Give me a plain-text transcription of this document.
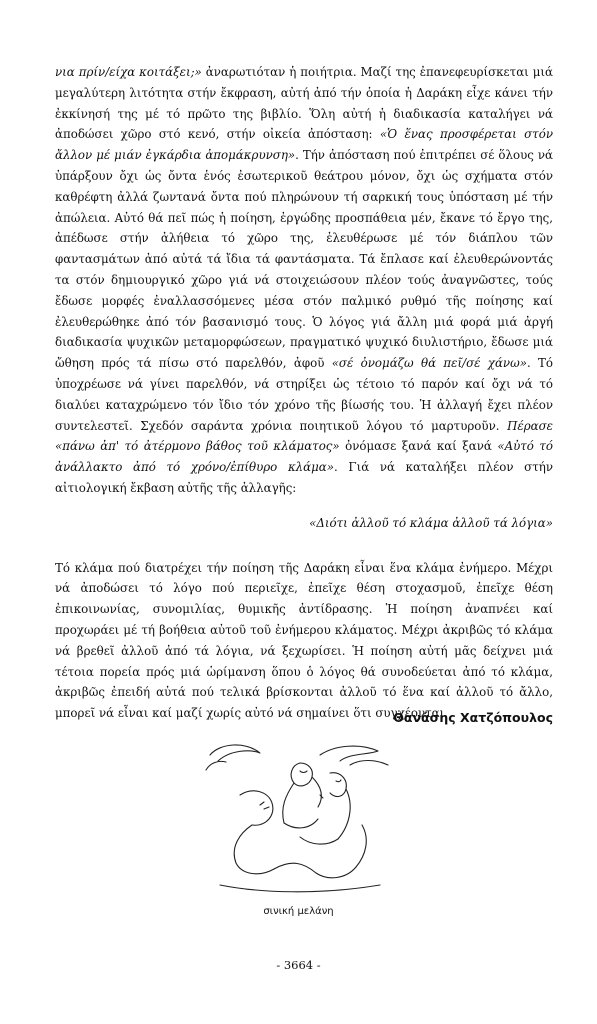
νια πρίν/είχα κοιτάξει;» ἀναρωτιόταν ἡ ποιήτρια. Μαζί της ἐπανεφευρίσκεται μιά μεγαλύτερη λιτότητα στήν ἔκφραση, αὐτή ἀπό τήν ὁποία ἡ Δαράκη εἶχε κάνει τήν ἐκκίνησή της μέ τό πρῶτο της βιβλίο. Ὅλη αὐτή ἡ διαδικασία καταλήγει νά ἀποδώσει χῶρο στό κενό, στήν οἰκεία ἀπόσταση: «Ὁ ἕνας προσφέρεται στόν ἄλλον μέ μιάν ἐγκάρδια ἀπομάκρυνση». Τήν ἀπόσταση πού ἐπιτρέπει σέ ὅλους νά ὑπάρξουν ὄχι ὡς ὄντα ἑνός ἐσωτερικοῦ θεάτρου μόνον, ὄχι ὡς σχήματα στόν καθρέφτη ἀλλά ζωντανά ὄντα πού πληρώνουν τή σαρκική τους ὑπόσταση μέ τήν ἀπώλεια. Αὐτό θά πεῖ πώς ἡ ποίηση, ἐργώδης προσπάθεια μέν, ἔκανε τό ἔργο της, ἀπέδωσε στήν ἀλήθεια τό χῶρο της, ἐλευθέρωσε μέ τόν διάπλου τῶν φαντασμάτων ἀπό αὐτά τά ἴδια τά φαντάσματα. Τά ἔπλασε καί ἐλευθερώνοντάς τα στόν δημιουργικό χῶρο γιά νά στοιχειώσουν πλέον τούς ἀναγνῶστες, τούς ἔδωσε μορφές ἐναλλασσόμενες μέσα στόν παλμικό ρυθμό τῆς ποίησης καί ἐλευθερώθηκε ἀπό τόν βασανισμό τους. Ὁ λόγος γιά ἄλλη μιά φορά μιά ἀργή διαδικασία ψυχικῶν μεταμορφώσεων, πραγματικό ψυχικό διυλιστήριο, ἔδωσε μιά ὤθηση πρός τά πίσω στό παρελθόν, ἀφοῦ «σέ ὀνομάζω θά πεῖ/σέ χάνω». Τό ὑποχρέωσε νά γίνει παρελθόν, νά στηρίξει ὡς τέτοιο τό παρόν καί ὄχι νά τό διαλύει καταχρώμενο τόν ἴδιο τόν χρόνο τῆς βίωσής του. Ἡ ἀλλαγή ἔχει πλέον συντελεστεῖ. Σχεδόν σαράντα χρόνια ποιητικοῦ λόγου τό μαρτυροῦν. Πέρασε «πάνω ἀπ' τό ἀτέρμονο βάθος τοῦ κλάματος» ὀνόμασε ξανά καί ξανά «Αὐτό τό ἀνάλλακτο ἀπό τό χρόνο/ἐπίθυρο κλάμα». Γιά νά καταλήξει πλέον στήν αἰτιολογική ἔκβαση αὐτῆς τῆς ἀλλαγῆς:

«Διότι ἀλλοῦ τό κλάμα ἀλλοῦ τά λόγια»

Τό κλάμα πού διατρέχει τήν ποίηση τῆς Δαράκη εἶναι ἕνα κλάμα ἐνήμερο. Μέχρι νά ἀποδώσει τό λόγο πού περιεῖχε, ἐπεῖχε θέση στοχασμοῦ, ἐπεῖχε θέση ἐπικοινωνίας, συνομιλίας, θυμικῆς ἀντίδρασης. Ἡ ποίηση ἀναπνέει καί προχωράει μέ τή βοήθεια αὐτοῦ τοῦ ἐνήμερου κλάματος. Μέχρι ἀκριβῶς τό κλάμα νά βρεθεῖ ἀλλοῦ ἀπό τά λόγια, νά ξεχωρίσει. Ἡ ποίηση αὐτή μᾶς δείχνει μιά τέτοια πορεία πρός μιά ὡρίμανση ὅπου ὁ λόγος θά συνοδεύεται ἀπό τό κλάμα, ἀκριβῶς ἐπειδή αὐτά πού τελικά βρίσκονται ἀλλοῦ τό ἕνα καί ἀλλοῦ τό ἄλλο, μπορεῖ νά εἶναι καί μαζί χωρίς αὐτό νά σημαίνει ὅτι συγχέονται.

Θανάσης Χατζόπουλος
σινική μελάνη
- 3664 -
